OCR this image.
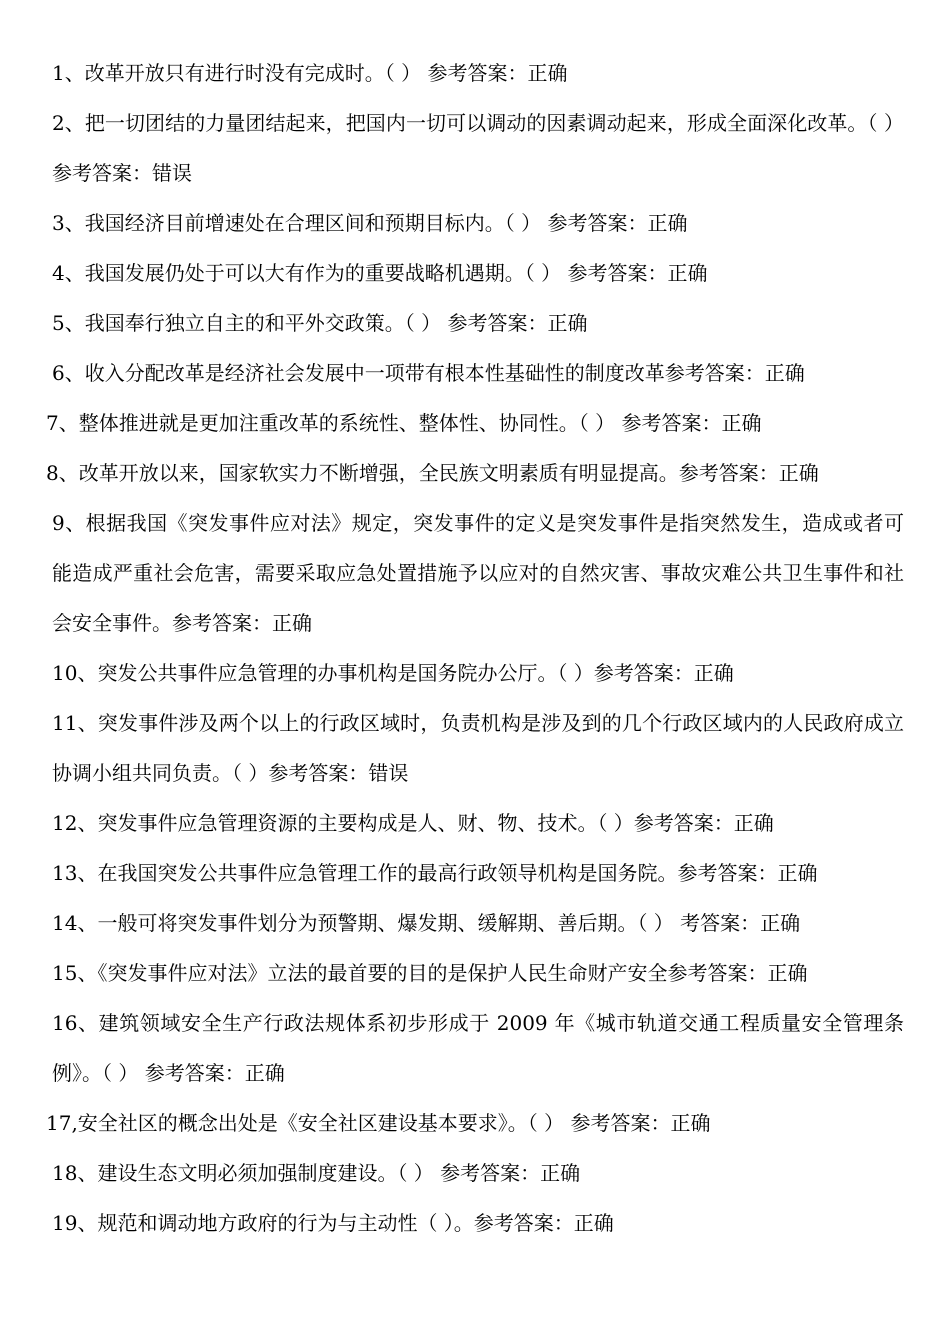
1、改革开放只有进行时没有完成时。（ ） 参考答案：正确

2、把一切团结的力量团结起来，把国内一切可以调动的因素调动起来，形成全面深化改革。（ ）参考答案：错误

3、我国经济目前增速处在合理区间和预期目标内。（ ） 参考答案：正确

4、我国发展仍处于可以大有作为的重要战略机遇期。（ ） 参考答案：正确

5、我国奉行独立自主的和平外交政策。（ ） 参考答案：正确

6、收入分配改革是经济社会发展中一项带有根本性基础性的制度改革参考答案：正确

7、整体推进就是更加注重改革的系统性、整体性、协同性。（ ） 参考答案：正确

8、改革开放以来，国家软实力不断增强，全民族文明素质有明显提高。参考答案：正确

9、根据我国《突发事件应对法》规定，突发事件的定义是突发事件是指突然发生，造成或者可能造成严重社会危害，需要采取应急处置措施予以应对的自然灾害、事故灾难公共卫生事件和社会安全事件。参考答案：正确

10、突发公共事件应急管理的办事机构是国务院办公厅。（ ）参考答案：正确

11、突发事件涉及两个以上的行政区域时，负责机构是涉及到的几个行政区域内的人民政府成立协调小组共同负责。（ ）参考答案：错误

12、突发事件应急管理资源的主要构成是人、财、物、技术。（ ）参考答案：正确

13、在我国突发公共事件应急管理工作的最高行政领导机构是国务院。参考答案：正确

14、一般可将突发事件划分为预警期、爆发期、缓解期、善后期。（ ） 考答案：正确

15、《突发事件应对法》立法的最首要的目的是保护人民生命财产安全参考答案：正确

16、建筑领域安全生产行政法规体系初步形成于 2009 年《城市轨道交通工程质量安全管理条例》。（ ） 参考答案：正确

17,安全社区的概念出处是《安全社区建设基本要求》。（ ） 参考答案：正确

18、建设生态文明必须加强制度建设。（ ） 参考答案：正确

19、规范和调动地方政府的行为与主动性（ ）。参考答案：正确
